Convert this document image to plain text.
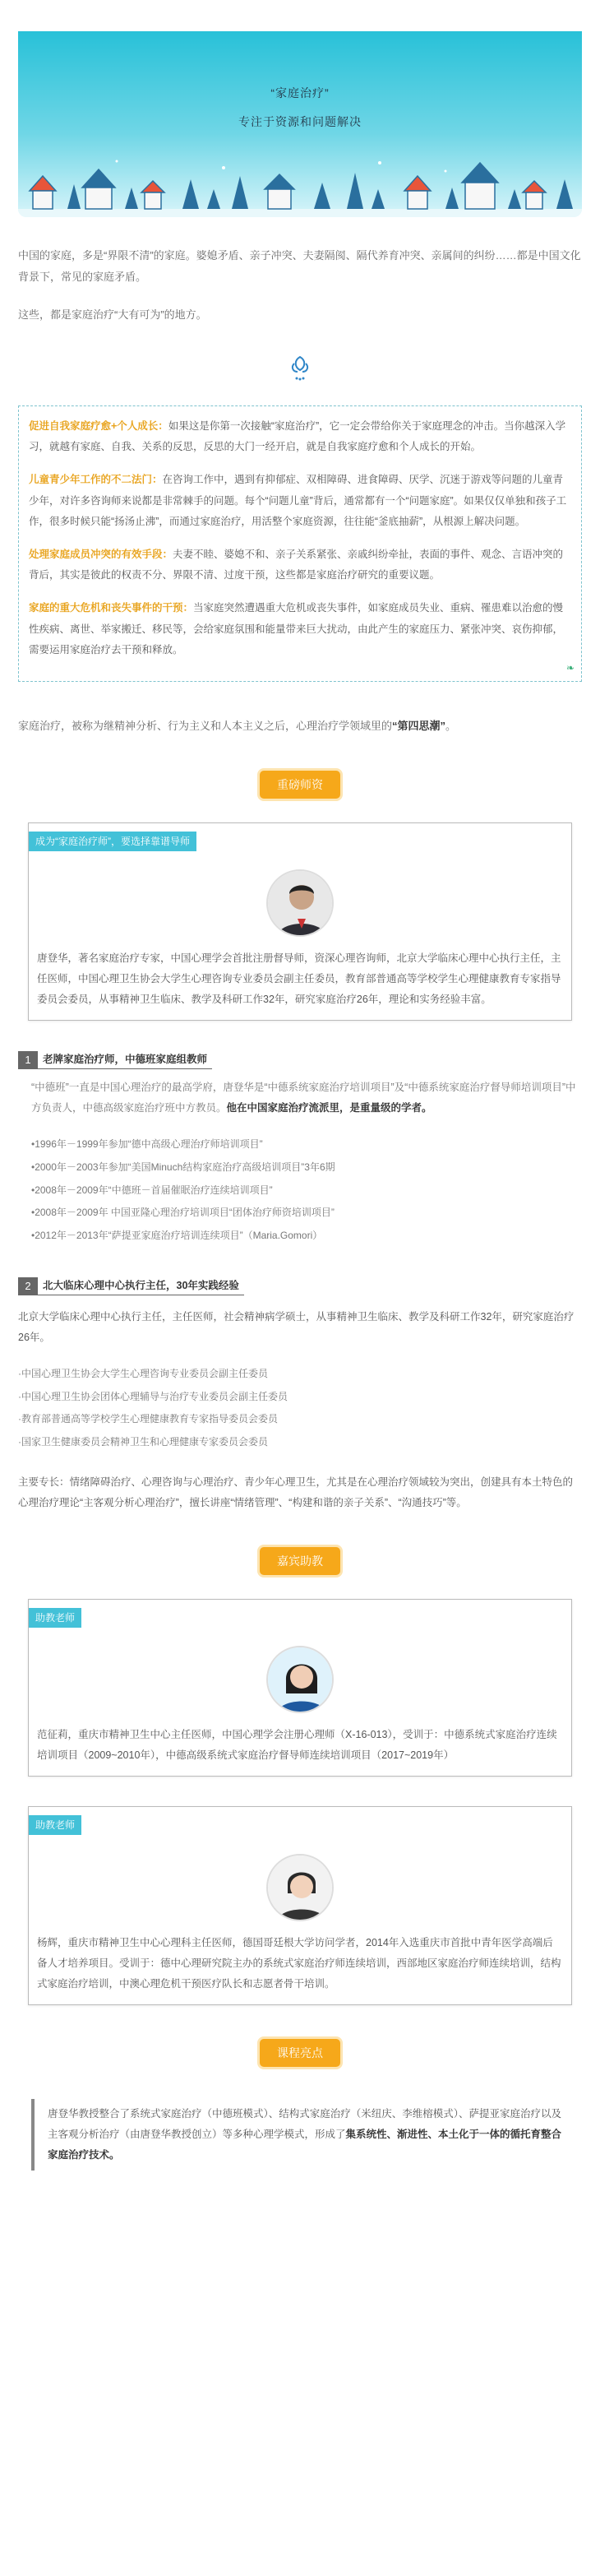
“家庭治疗”
专注于资源和问题解决

中国的家庭，多是“界限不清”的家庭。婆媳矛盾、亲子冲突、夫妻隔阂、隔代养育冲突、亲属间的纠纷……都是中国文化背景下，常见的家庭矛盾。

这些，都是家庭治疗“大有可为”的地方。

促进自我家庭疗愈+个人成长：如果这是你第一次接触“家庭治疗”，它一定会带给你关于家庭理念的冲击。当你越深入学习，就越有家庭、自我、关系的反思，反思的大门一经开启，就是自我家庭疗愈和个人成长的开始。

儿童青少年工作的不二法门：在咨询工作中，遇到有抑郁症、双相障碍、进食障碍、厌学、沉迷于游戏等问题的儿童青少年，对许多咨询师来说都是非常棘手的问题。每个“问题儿童”背后，通常都有一个“问题家庭”。如果仅仅单独和孩子工作，很多时候只能“扬汤止沸”，而通过家庭治疗，用活整个家庭资源，往往能“釜底抽薪”，从根源上解决问题。

处理家庭成员冲突的有效手段：夫妻不睦、婆媳不和、亲子关系紧张、亲戚纠纷牵扯，表面的事件、观念、言语冲突的背后，其实是彼此的权责不分、界限不清、过度干预，这些都是家庭治疗研究的重要议题。

家庭的重大危机和丧失事件的干预：当家庭突然遭遇重大危机或丧失事件，如家庭成员失业、重病、罹患难以治愈的慢性疾病、离世、举家搬迁、移民等，会给家庭氛围和能量带来巨大扰动，由此产生的家庭压力、紧张冲突、哀伤抑郁，需要运用家庭治疗去干预和释放。

❧

家庭治疗，被称为继精神分析、行为主义和人本主义之后，心理治疗学领域里的“第四思潮”。

重磅师资
成为“家庭治疗师”，要选择靠谱导师

唐登华，著名家庭治疗专家，中国心理学会首批注册督导师，资深心理咨询师，北京大学临床心理中心执行主任，主任医师，中国心理卫生协会大学生心理咨询专业委员会副主任委员，教育部普通高等学校学生心理健康教育专家指导委员会委员，从事精神卫生临床、教学及科研工作32年，研究家庭治疗26年，理论和实务经验丰富。

1	老牌家庭治疗师，中德班家庭组教师

“中德班”一直是中国心理治疗的最高学府，唐登华是“中德系统家庭治疗培训项目”及“中德系统家庭治疗督导师培训项目”中方负责人，中德高级家庭治疗班中方教员。他在中国家庭治疗流派里，是重量级的学者。

•1996年－1999年参加“德中高级心理治疗师培训项目”
•2000年－2003年参加“美国Minuch结构家庭治疗高级培训项目”3年6期
•2008年－2009年“中德班－首届催眠治疗连续培训项目”
•2008年－2009年 中国亚隆心理治疗培训项目“团体治疗师资培训项目”
•2012年－2013年“萨提亚家庭治疗培训连续项目”（Maria.Gomori）
2	北大临床心理中心执行主任，30年实践经验

北京大学临床心理中心执行主任，主任医师，社会精神病学硕士，从事精神卫生临床、教学及科研工作32年，研究家庭治疗26年。

·中国心理卫生协会大学生心理咨询专业委员会副主任委员
·中国心理卫生协会团体心理辅导与治疗专业委员会副主任委员
·教育部普通高等学校学生心理健康教育专家指导委员会委员
·国家卫生健康委员会精神卫生和心理健康专家委员会委员

主要专长：情绪障碍治疗、心理咨询与心理治疗、青少年心理卫生，尤其是在心理治疗领域较为突出，创建具有本土特色的心理治疗理论“主客观分析心理治疗”，擅长讲座“情绪管理”、“构建和谐的亲子关系”、“沟通技巧”等。

嘉宾助教
助教老师

范征莉，重庆市精神卫生中心主任医师，中国心理学会注册心理师（X-16-013），受训于：中德系统式家庭治疗连续培训项目（2009~2010年），中德高级系统式家庭治疗督导师连续培训项目（2017~2019年）

助教老师

杨辉，重庆市精神卫生中心心理科主任医师，德国哥廷根大学访问学者，2014年入选重庆市首批中青年医学高端后备人才培养项目。受训于：德中心理研究院主办的系统式家庭治疗师连续培训，西部地区家庭治疗师连续培训，结构式家庭治疗培训，中澳心理危机干预医疗队长和志愿者骨干培训。

课程亮点
唐登华教授整合了系统式家庭治疗（中德班模式）、结构式家庭治疗（米纽庆、李维榕模式）、萨提亚家庭治疗以及主客观分析治疗（由唐登华教授创立）等多种心理学模式，形成了集系统性、渐进性、本土化于一体的循托育整合家庭治疗技术。
